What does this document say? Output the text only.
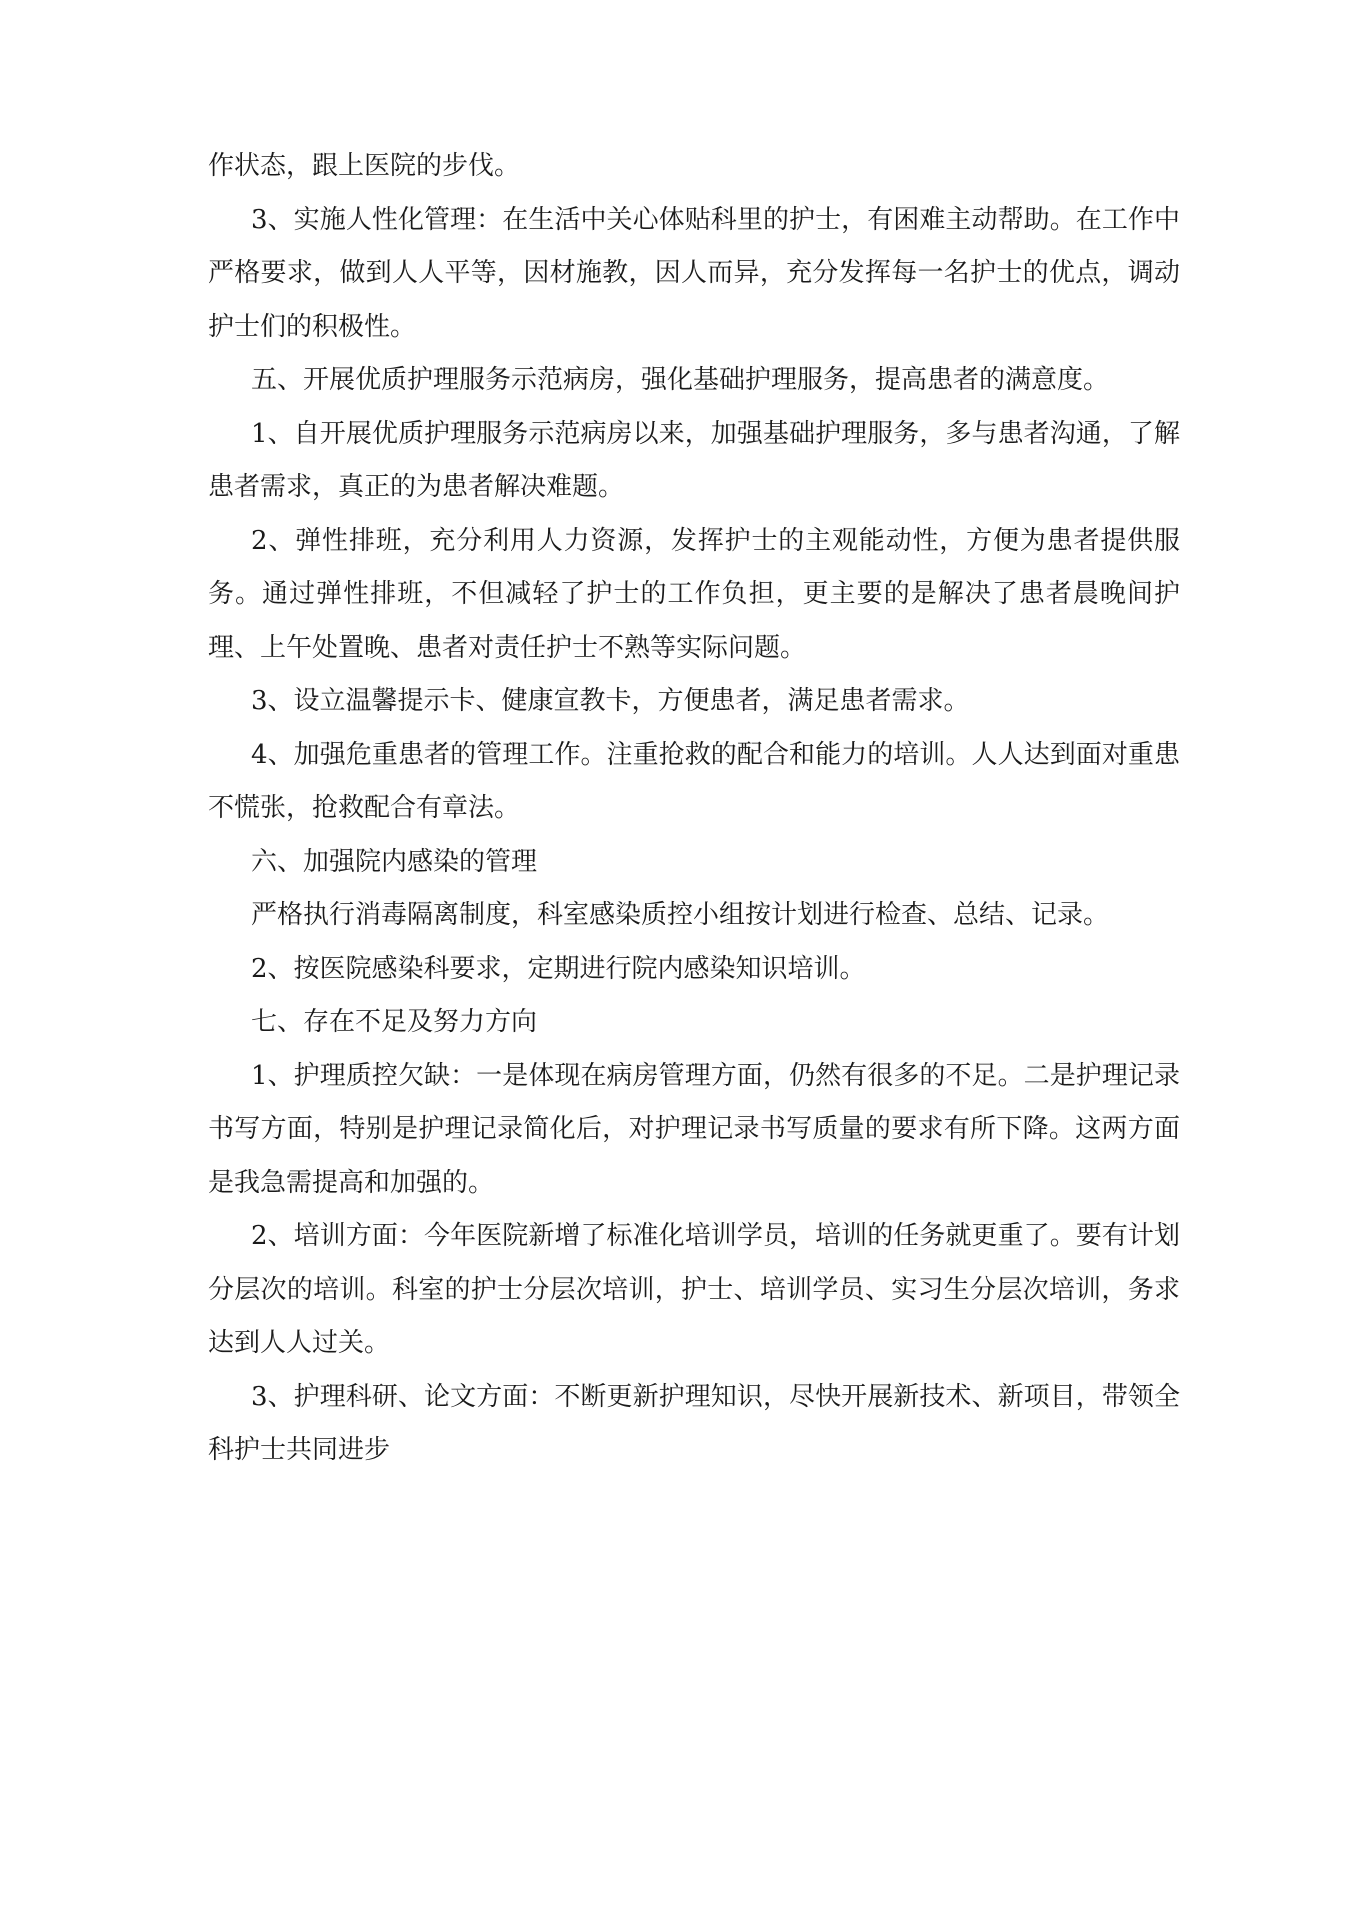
作状态，跟上医院的步伐。

3、实施人性化管理：在生活中关心体贴科里的护士，有困难主动帮助。在工作中严格要求，做到人人平等，因材施教，因人而异，充分发挥每一名护士的优点，调动护士们的积极性。

五、开展优质护理服务示范病房，强化基础护理服务，提高患者的满意度。

1、自开展优质护理服务示范病房以来，加强基础护理服务，多与患者沟通，了解患者需求，真正的为患者解决难题。

2、弹性排班，充分利用人力资源，发挥护士的主观能动性，方便为患者提供服务。通过弹性排班，不但减轻了护士的工作负担，更主要的是解决了患者晨晚间护理、上午处置晚、患者对责任护士不熟等实际问题。

3、设立温馨提示卡、健康宣教卡，方便患者，满足患者需求。

4、加强危重患者的管理工作。注重抢救的配合和能力的培训。人人达到面对重患不慌张，抢救配合有章法。

六、加强院内感染的管理

严格执行消毒隔离制度，科室感染质控小组按计划进行检查、总结、记录。

2、按医院感染科要求，定期进行院内感染知识培训。

七、存在不足及努力方向

1、护理质控欠缺：一是体现在病房管理方面，仍然有很多的不足。二是护理记录书写方面，特别是护理记录简化后，对护理记录书写质量的要求有所下降。这两方面是我急需提高和加强的。

2、培训方面：今年医院新增了标准化培训学员，培训的任务就更重了。要有计划分层次的培训。科室的护士分层次培训，护士、培训学员、实习生分层次培训，务求达到人人过关。

3、护理科研、论文方面：不断更新护理知识，尽快开展新技术、新项目，带领全科护士共同进步
